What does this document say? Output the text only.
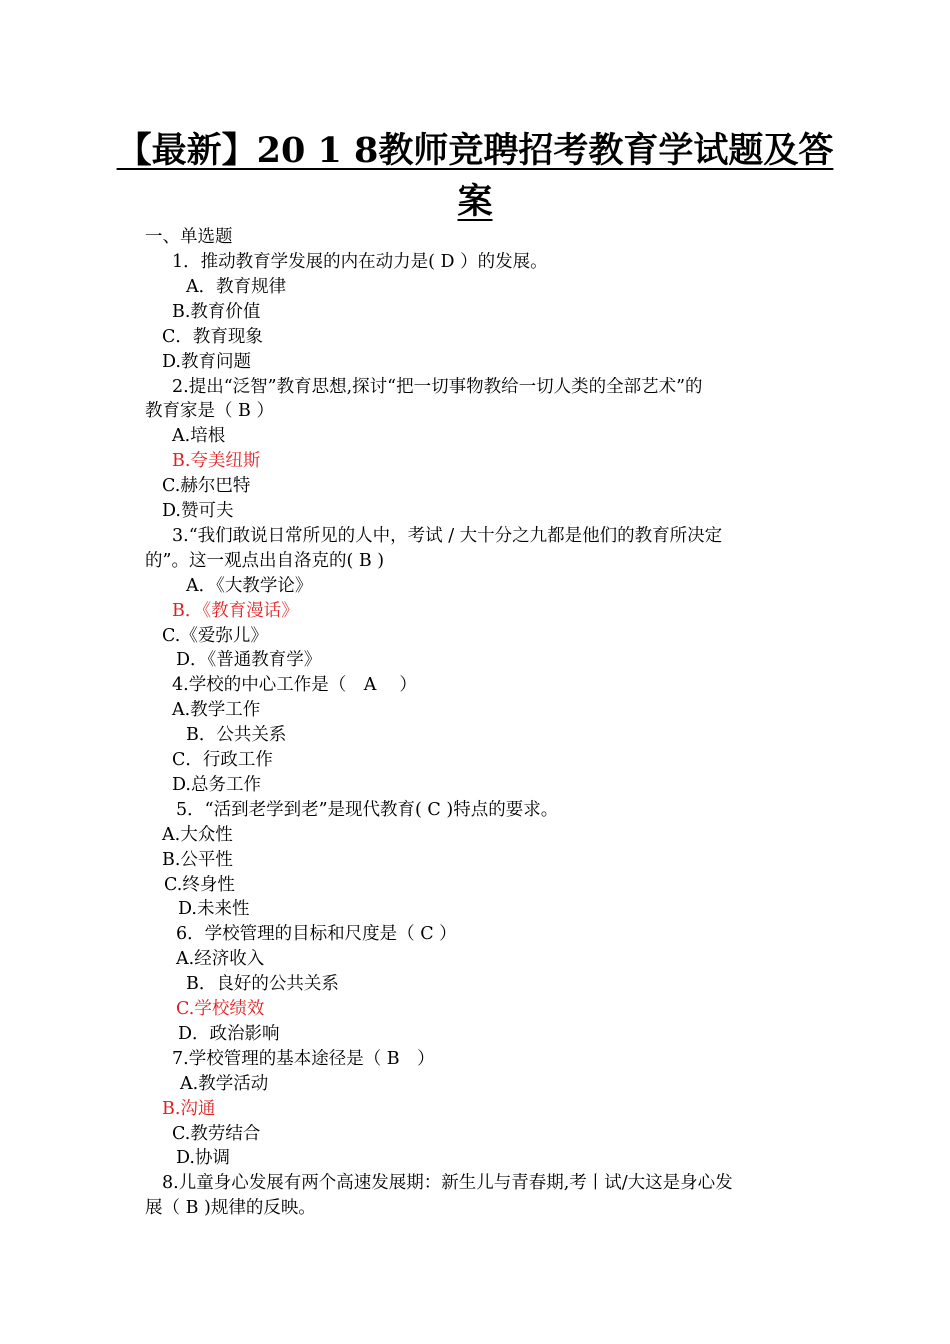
【最新】20 1 8教师竞聘招考教育学试题及答
案

一、单选题

1．推动教育学发展的内在动力是( D ）的发展。

A．教育规律

B.教育价值

C．教育现象

D.教育问题

2.提出“泛智”教育思想,探讨“把一切事物教给一切人类的全部艺术”的

教育家是（ B ）

A.培根

B.夸美纽斯

C.赫尔巴特

D.赞可夫

3.“我们敢说日常所见的人中，考试 / 大十分之九都是他们的教育所决定

的”。这一观点出自洛克的( B )

A．《大教学论》

B．《教育漫话》

C.《爱弥儿》

D．《普通教育学》

4.学校的中心工作是（　A　 ）

A.教学工作

B．公共关系

C．行政工作

D.总务工作

5．“活到老学到老”是现代教育( C )特点的要求。

A.大众性

B.公平性

C.终身性

D.未来性

6．学校管理的目标和尺度是（ C ）

A.经济收入

B．良好的公共关系

C.学校绩效

D．政治影响

7.学校管理的基本途径是（ B　）

A.教学活动

B.沟通

C.教劳结合

D.协调

8.儿童身心发展有两个高速发展期：新生儿与青春期,考丨试/大这是身心发

展（ B )规律的反映。
